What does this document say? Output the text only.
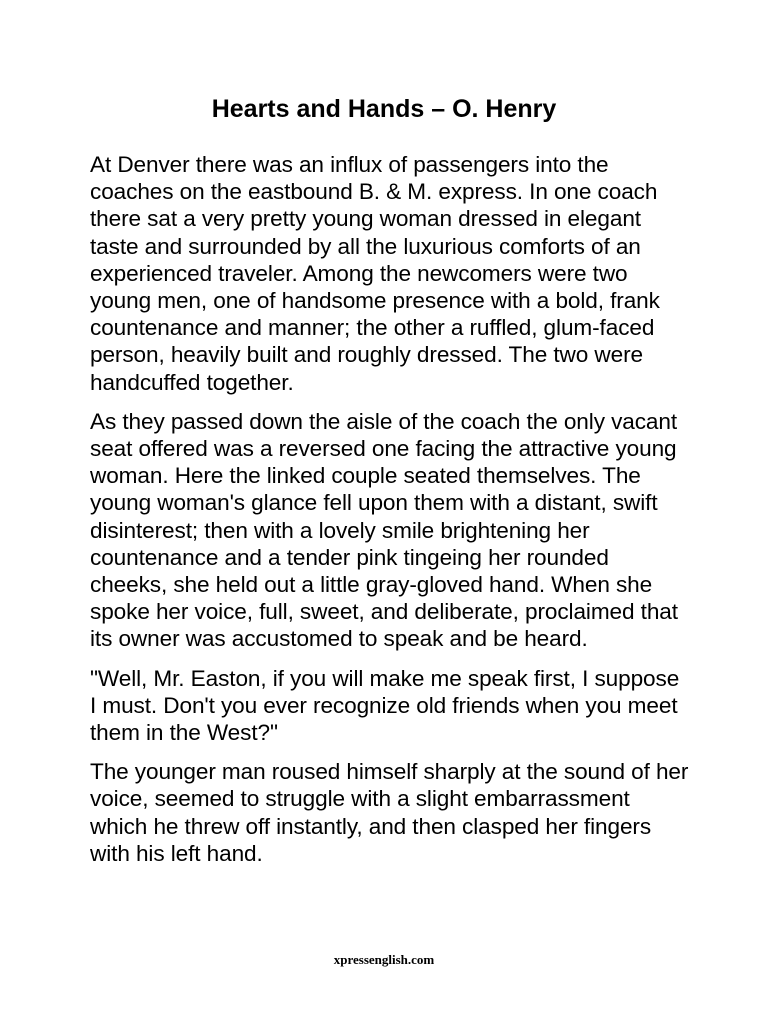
Hearts and Hands – O. Henry

At Denver there was an influx of passengers into the coaches on the eastbound B. & M. express. In one coach there sat a very pretty young woman dressed in elegant taste and surrounded by all the luxurious comforts of an experienced traveler. Among the newcomers were two young men, one of handsome presence with a bold, frank countenance and manner; the other a ruffled, glum-faced person, heavily built and roughly dressed. The two were handcuffed together.

As they passed down the aisle of the coach the only vacant seat offered was a reversed one facing the attractive young woman. Here the linked couple seated themselves. The young woman's glance fell upon them with a distant, swift disinterest; then with a lovely smile brightening her countenance and a tender pink tingeing her rounded cheeks, she held out a little gray-gloved hand. When she spoke her voice, full, sweet, and deliberate, proclaimed that its owner was accustomed to speak and be heard.

"Well, Mr. Easton, if you will make me speak first, I suppose I must. Don't you ever recognize old friends when you meet them in the West?"

The younger man roused himself sharply at the sound of her voice, seemed to struggle with a slight embarrassment which he threw off instantly, and then clasped her fingers with his left hand.

xpressenglish.com
